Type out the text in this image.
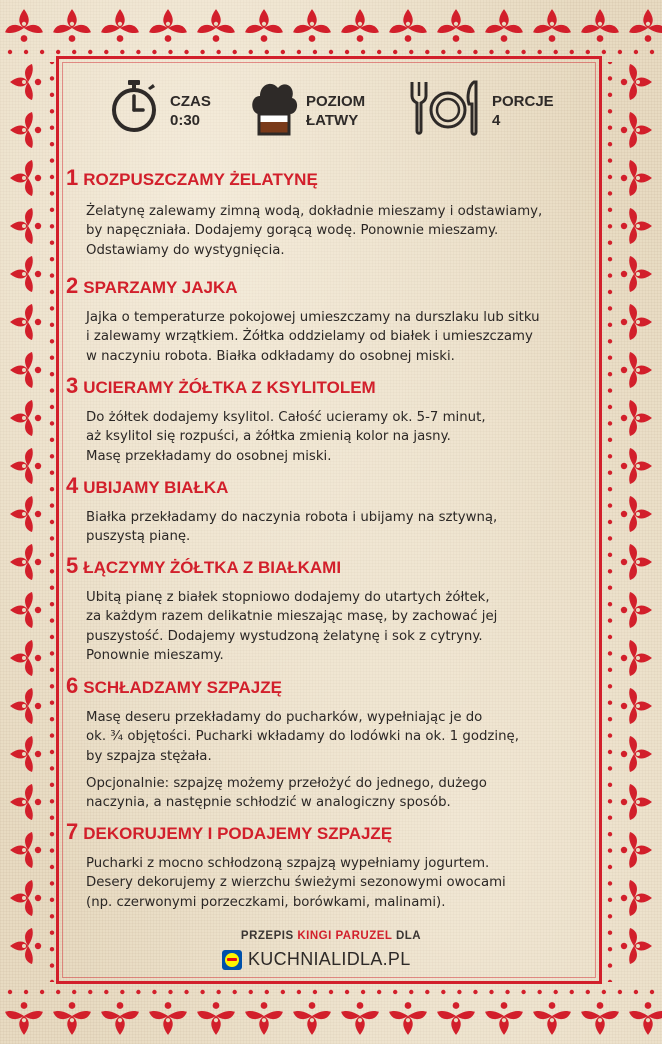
CZAS
0:30
POZIOM
ŁATWY
PORCJE
4
1 ROZPUSZCZAMY ŻELATYNĘ

Żelatynę zalewamy zimną wodą, dokładnie mieszamy i odstawiamy,
by napęczniała. Dodajemy gorącą wodę. Ponownie mieszamy.
Odstawiamy do wystygnięcia.

2 SPARZAMY JAJKA

Jajka o temperaturze pokojowej umieszczamy na durszlaku lub sitku
i zalewamy wrzątkiem. Żółtka oddzielamy od białek i umieszczamy
w naczyniu robota. Białka odkładamy do osobnej miski.

3 UCIERAMY ŻÓŁTKA Z KSYLITOLEM

Do żółtek dodajemy ksylitol. Całość ucieramy ok. 5-7 minut,
aż ksylitol się rozpuści, a żółtka zmienią kolor na jasny.
Masę przekładamy do osobnej miski.

4 UBIJAMY BIAŁKA

Białka przekładamy do naczynia robota i ubijamy na sztywną,
puszystą pianę.

5 ŁĄCZYMY ŻÓŁTKA Z BIAŁKAMI

Ubitą pianę z białek stopniowo dodajemy do utartych żółtek,
za każdym razem delikatnie mieszając masę, by zachować jej
puszystość. Dodajemy wystudzoną żelatynę i sok z cytryny.
Ponownie mieszamy.

6 SCHŁADZAMY SZPAJZĘ

Masę deseru przekładamy do pucharków, wypełniając je do
ok. ¾ objętości. Pucharki wkładamy do lodówki na ok. 1 godzinę,
by szpajza stężała.

Opcjonalnie: szpajzę możemy przełożyć do jednego, dużego
naczynia, a następnie schłodzić w analogiczny sposób.

7 DEKORUJEMY I PODAJEMY SZPAJZĘ

Pucharki z mocno schłodzoną szpajzą wypełniamy jogurtem.
Desery dekorujemy z wierzchu świeżymi sezonowymi owocami
(np. czerwonymi porzeczkami, borówkami, malinami).

PRZEPIS KINGI PARUZEL DLA
KUCHNIALIDLA.PL
